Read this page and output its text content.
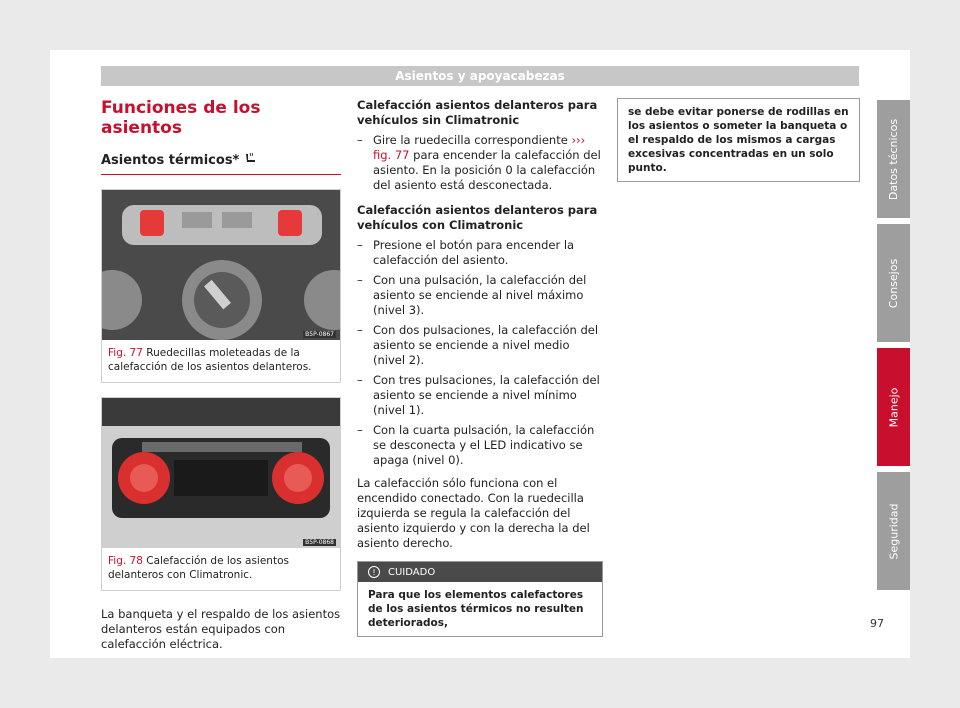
Asientos y apoyacabezas
Funciones de los asientos
Asientos térmicos*
B5P-0867
Fig. 77 Ruedecillas moleteadas de la calefacción de los asientos delanteros.
B5P-0868
Fig. 78 Calefacción de los asientos delanteros con Climatronic.
La banqueta y el respaldo de los asientos delanteros están equipados con calefacción eléctrica.
Calefacción asientos delanteros para vehículos sin Climatronic
– Gire la ruedecilla correspondiente ››› fig. 77 para encender la calefacción del asiento. En la posición 0 la calefacción del asiento está desconectada.
Calefacción asientos delanteros para vehículos con Climatronic
– Presione el botón para encender la calefacción del asiento.
– Con una pulsación, la calefacción del asiento se enciende al nivel máximo (nivel 3).
– Con dos pulsaciones, la calefacción del asiento se enciende a nivel medio (nivel 2).
– Con tres pulsaciones, la calefacción del asiento se enciende a nivel mínimo (nivel 1).
– Con la cuarta pulsación, la calefacción se desconecta y el LED indicativo se apaga (nivel 0).
La calefacción sólo funciona con el encendido conectado. Con la ruedecilla izquierda se regula la calefacción del asiento izquierdo y con la derecha la del asiento derecho.
!	CUIDADO
Para que los elementos calefactores de los asientos térmicos no resulten deteriorados,
se debe evitar ponerse de rodillas en los asientos o someter la banqueta o el respaldo de los mismos a cargas excesivas concentradas en un solo punto.	Datos técnicos
Consejos
Manejo
Seguridad
97
